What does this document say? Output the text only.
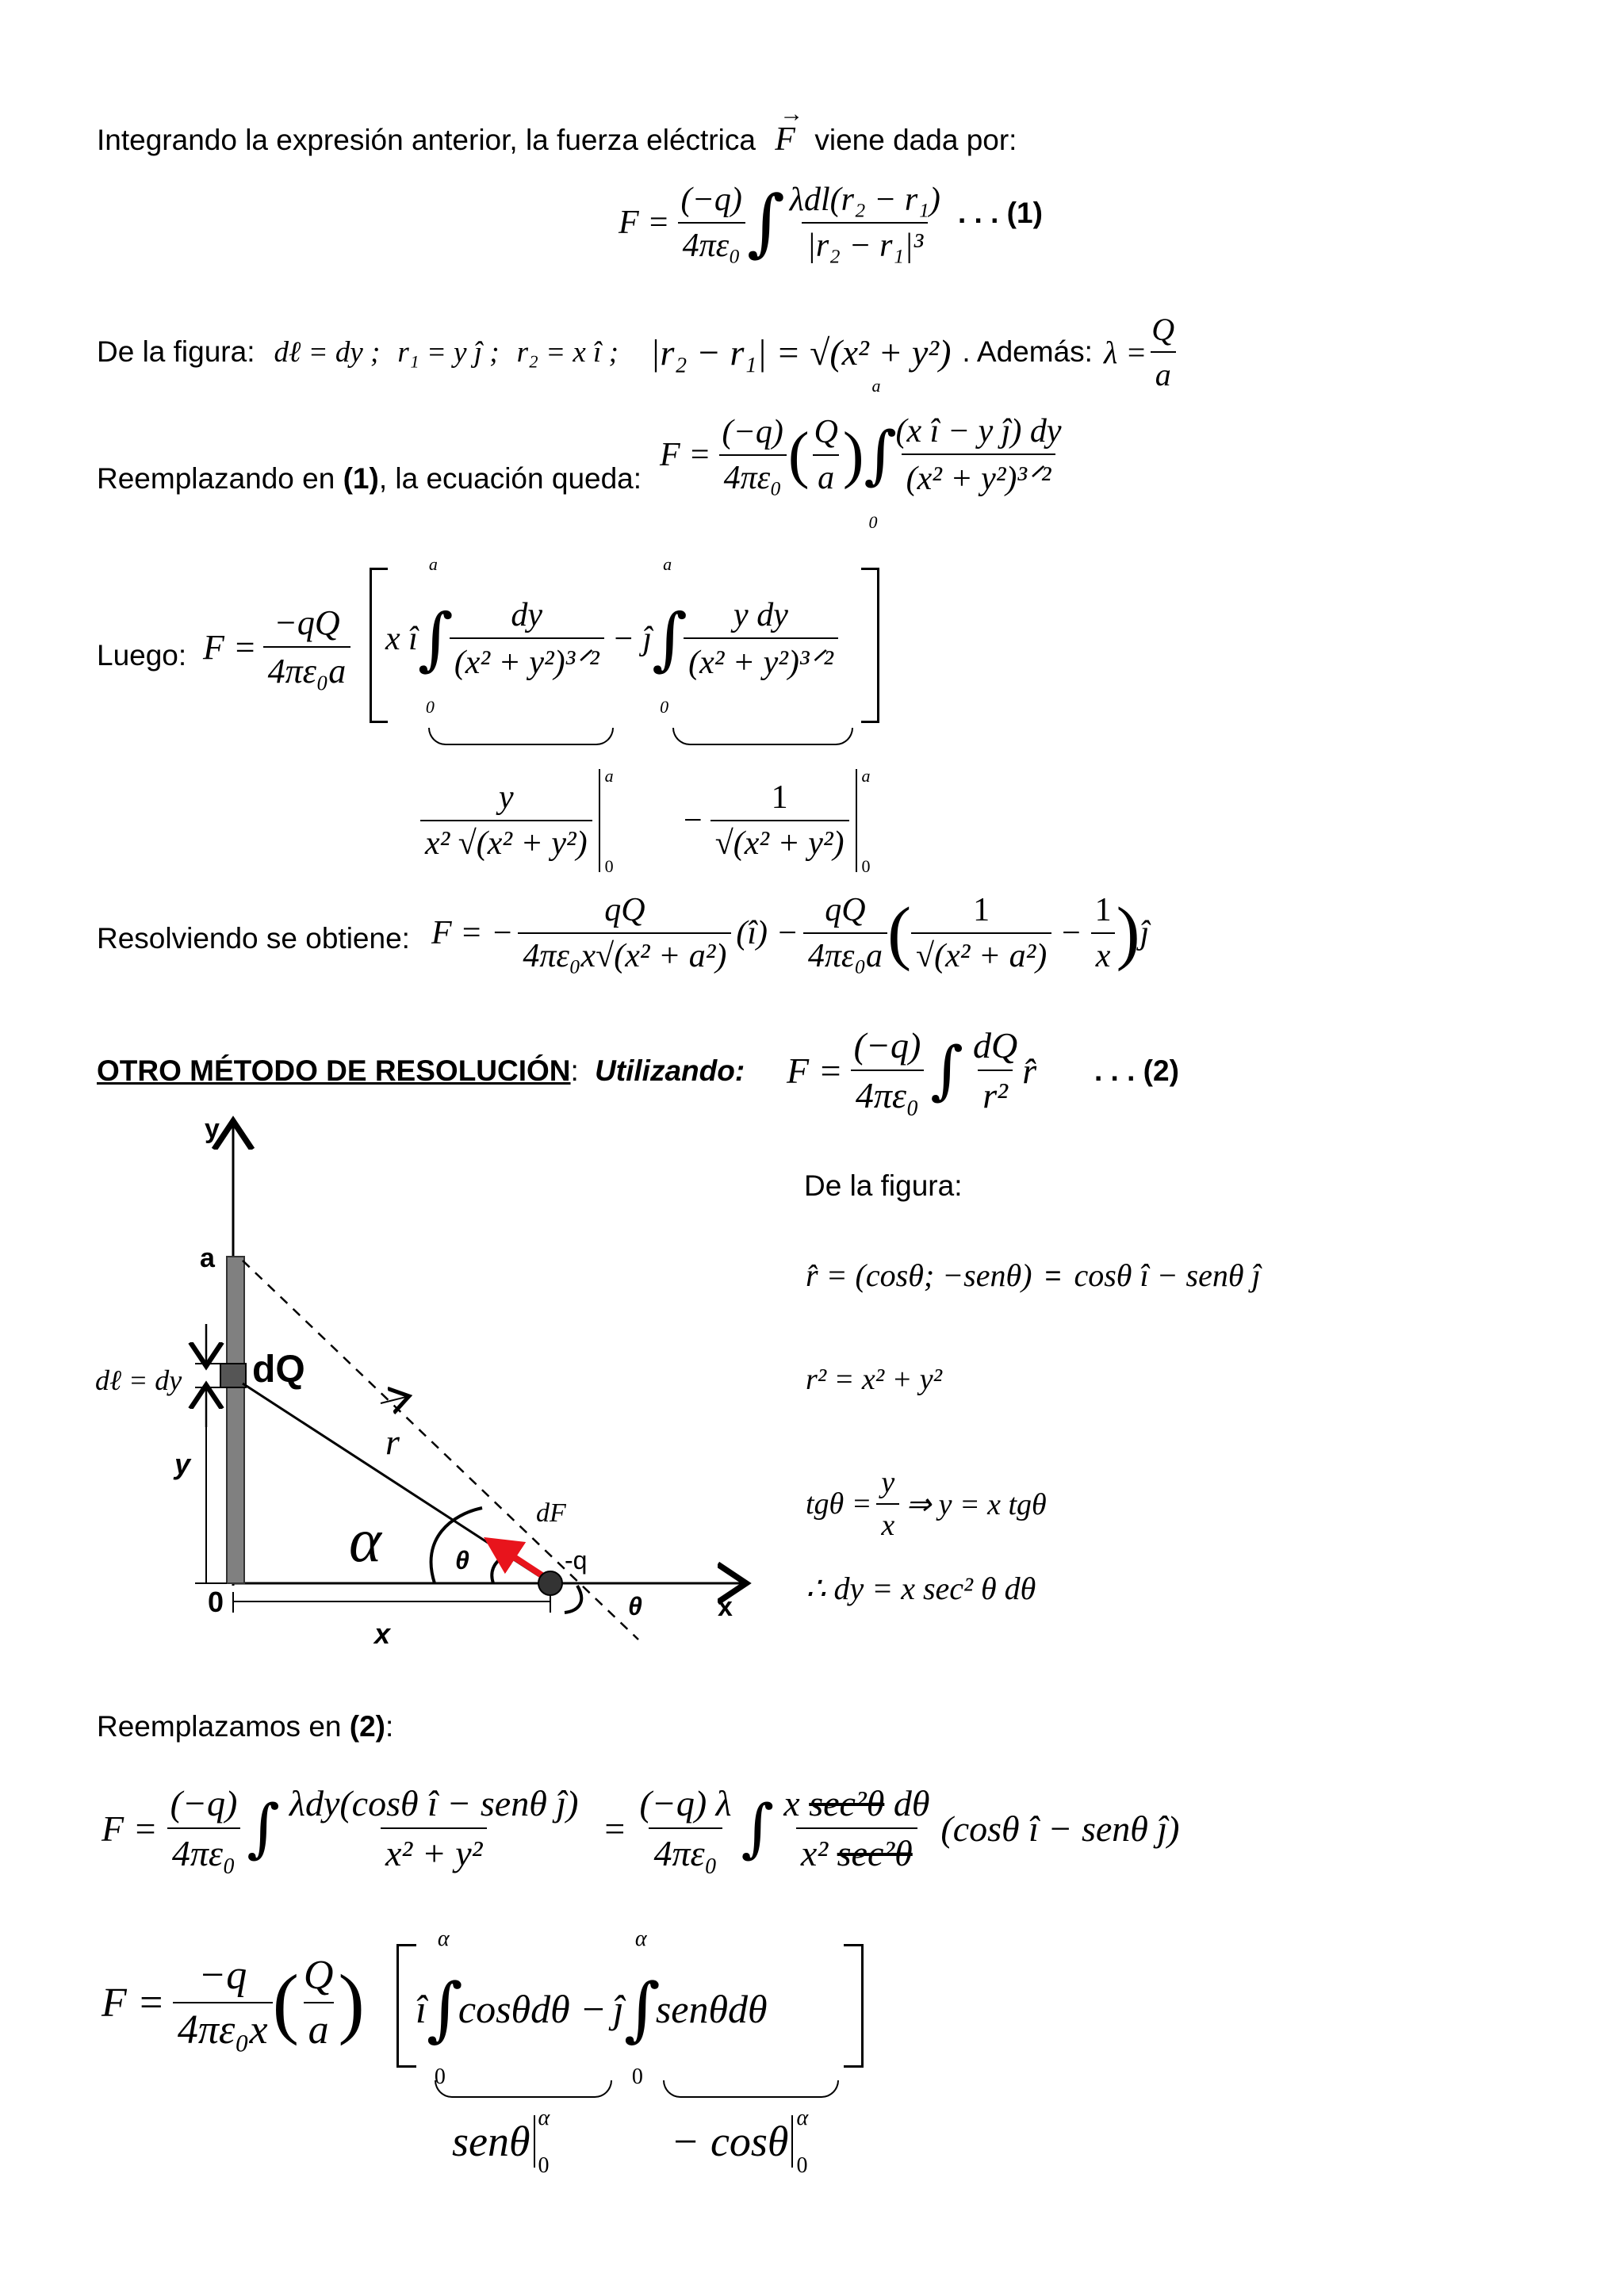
Integrando la expresión anterior, la fuerza eléctrica
→
F viene dada por:
$F = \frac{(-q)}{\text{4πε₀}}$ ∫ $\frac{\text{λdl(r₂ − r₁)}}{\text{|r₂ − r₁|³}}$ . . . (1)
De la figura: dℓ = dy ; r₁ = y ĵ ; r₂ = x î ; |r₂ − r₁| = √(x² + y²) . Además: $\lambda = \frac{Q}{a}$
Reemplazando en (1), la ecuación queda:
$F = \frac{(-q)}{\text{4πε₀}}$ ( $\frac{Q}{a}$ )
a
∫
0
$\frac{\text{(x î − y ĵ) dy}}{\text{(x² + y²)³ᐟ²}}$
Luego: $F = \frac{-qQ}{\text{4πε₀a}}$ x î
a
∫
0
$\frac{dy}{\text{(x² + y²)³ᐟ²}}$ − ĵ
a
∫
0
$\frac{\text{y dy}}{\text{(x² + y²)³ᐟ²}}$
$\frac{y}{\text{x² √(x² + y²)}}$
a
0
− $\frac{1}{\text{√(x² + y²)}}$
a
0
Resolviendo se obtiene: F = − $\frac{qQ}{\text{4πε₀x√(x² + a²)}}$ (î) − $\frac{qQ}{\text{4πε₀a}}$ ( $\frac{1}{\text{√(x² + a²)}} - \frac{1}{x}$ ) ĵ
OTRO MÉTODO DE RESOLUCIÓN: Utilizando: $F = \frac{(-q)}{\text{4πε₀}}$ ∫ $\frac{dQ}{\text{r²}}$ r̂ . . . (2)
y
x
a
dℓ = dy dQ
y
0
x
r
α	θ
θ
-q
dF
De la figura:
r̂ = (cosθ; −senθ) = cosθ î − senθ ĵ
r² = x² + y²
$tg\theta = \frac{y}{x}$ ⇒ y = x tgθ
∴ dy = x sec² θ dθ
Reemplazamos en (2):
$F = \frac{(-q)}{\text{4πε₀}}$ ∫ $\frac{\text{λdy(cosθ î − senθ ĵ)}}{\text{x² + y²}} = \frac{(-q) \lambda}{\text{4πε₀}}$ ∫ $\frac{\text{x sec²θ dθ}}{\text{x² sec²θ}} (\cos\theta$ î − senθ ĵ)
$F = \frac{-q}{\text{4πε₀x}}$ ( $\frac{Q}{a}$ ) î
α
∫
0
cosθdθ − ĵ
α
∫
0
senθdθ
senθ α
0
− cosθ α
0
